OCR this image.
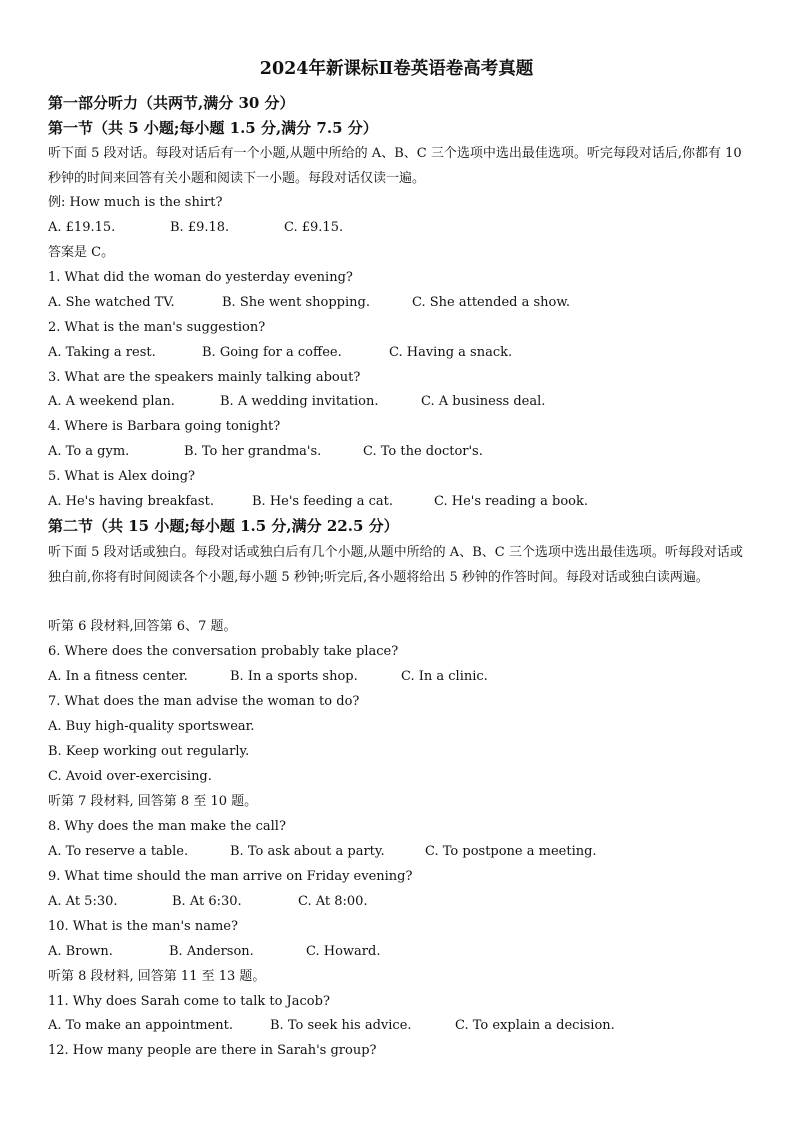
2024年新课标Ⅱ卷英语卷高考真题
第一部分听力（共两节,满分 30 分）
第一节（共 5 小题;每小题 1.5 分,满分 7.5 分）
听下面 5 段对话。每段对话后有一个小题,从题中所给的 A、B、C 三个选项中选出最佳选项。听完每段对话后,你都有 10 秒钟的时间来回答有关小题和阅读下一小题。每段对话仅读一遍。
例: How much is the shirt?
A. £19.15.	B. £9.18.	C. £9.15.
答案是 C。
1. What did the woman do yesterday evening?
A. She watched TV.	B. She went shopping.	C. She attended a show.
2. What is the man's suggestion?
A. Taking a rest.	B. Going for a coffee.	C. Having a snack.
3. What are the speakers mainly talking about?
A. A weekend plan.	B. A wedding invitation.	C. A business deal.
4. Where is Barbara going tonight?
A. To a gym.	B. To her grandma's.	C. To the doctor's.
5. What is Alex doing?
A. He's having breakfast.	B. He's feeding a cat.	C. He's reading a book.
第二节（共 15 小题;每小题 1.5 分,满分 22.5 分）
听下面 5 段对话或独白。每段对话或独白后有几个小题,从题中所给的 A、B、C 三个选项中选出最佳选项。听每段对话或独白前,你将有时间阅读各个小题,每小题 5 秒钟;听完后,各小题将给出 5 秒钟的作答时间。每段对话或独白读两遍。
听第 6 段材料,回答第 6、7 题。
6. Where does the conversation probably take place?
A. In a fitness center.	B. In a sports shop.	C. In a clinic.
7. What does the man advise the woman to do?
A. Buy high-quality sportswear.
B. Keep working out regularly.
C. Avoid over-exercising.
听第 7 段材料, 回答第 8 至 10 题。
8. Why does the man make the call?
A. To reserve a table.	B. To ask about a party.	C. To postpone a meeting.
9. What time should the man arrive on Friday evening?
A. At 5:30.	B. At 6:30.	C. At 8:00.
10. What is the man's name?
A. Brown.	B. Anderson.	C. Howard.
听第 8 段材料, 回答第 11 至 13 题。
11. Why does Sarah come to talk to Jacob?
A. To make an appointment.	B. To seek his advice.	C. To explain a decision.
12. How many people are there in Sarah's group?
